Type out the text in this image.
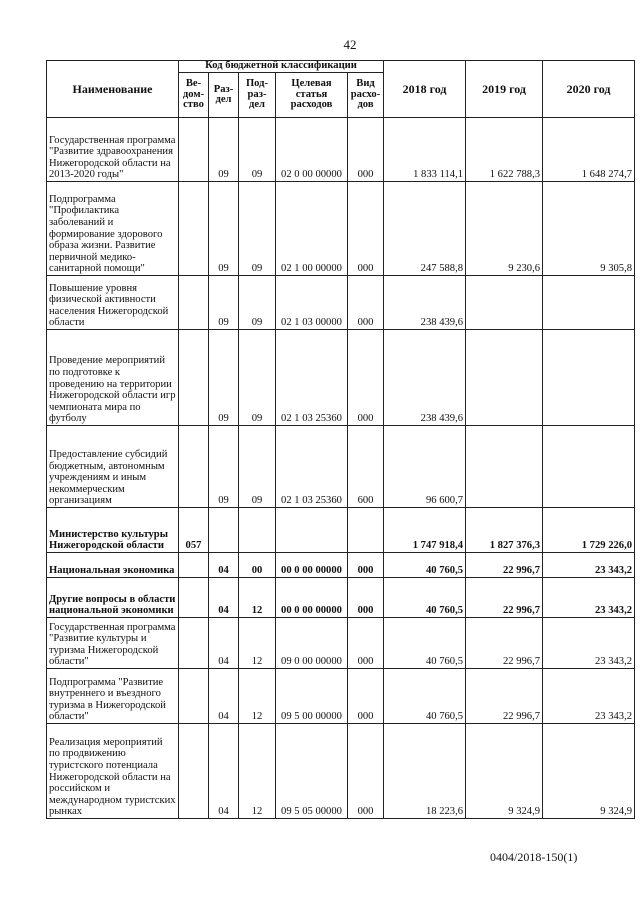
42
Наименование	Код бюджетной классификации					2018 год	2019 год	2020 год
	Ве-дом-ство	Раз-дел	Под-раз-дел	Целевая статья расходов	Вид расхо-дов			
Государственная программа "Развитие здравоохранения Нижегородской области на 2013-2020 годы"		09	09	02 0 00 00000	000	1 833 114,1	1 622 788,3	1 648 274,7
Подпрограмма "Профилактика заболеваний и формирование здорового образа жизни. Развитие первичной медико-санитарной помощи"		09	09	02 1 00 00000	000	247 588,8	9 230,6	9 305,8
Повышение уровня физической активности населения Нижегородской области		09	09	02 1 03 00000	000	238 439,6		
Проведение мероприятий по подготовке к проведению на территории Нижегородской области игр чемпионата мира по футболу		09	09	02 1 03 25360	000	238 439,6		
Предоставление субсидий бюджетным, автономным учреждениям и иным некоммерческим организациям		09	09	02 1 03 25360	600	96 600,7		
Министерство культуры Нижегородской области	057					1 747 918,4	1 827 376,3	1 729 226,0
Национальная экономика		04	00	00 0 00 00000	000	40 760,5	22 996,7	23 343,2
Другие вопросы в области национальной экономики		04	12	00 0 00 00000	000	40 760,5	22 996,7	23 343,2
Государственная программа "Развитие культуры и туризма Нижегородской области"		04	12	09 0 00 00000	000	40 760,5	22 996,7	23 343,2
Подпрограмма "Развитие внутреннего и въездного туризма в Нижегородской области"		04	12	09 5 00 00000	000	40 760,5	22 996,7	23 343,2
Реализация мероприятий по продвижению туристского потенциала Нижегородской области на российском и международном туристских рынках		04	12	09 5 05 00000	000	18 223,6	9 324,9	9 324,9
0404/2018-150(1)
